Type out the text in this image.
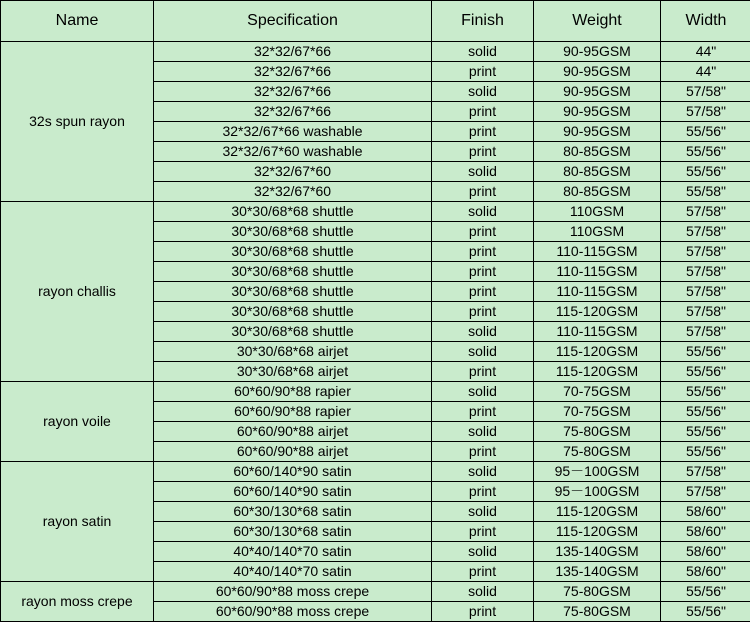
Name	Specification	Finish	Weight	Width
32s spun rayon	32*32/67*66	solid	90-95GSM	44"
	32*32/67*66	print	90-95GSM	44"
	32*32/67*66	solid	90-95GSM	57/58"
	32*32/67*66	print	90-95GSM	57/58"
	32*32/67*66 washable	print	90-95GSM	55/56"
	32*32/67*60 washable	print	80-85GSM	55/56"
	32*32/67*60	solid	80-85GSM	55/56"
	32*32/67*60	print	80-85GSM	55/58"
rayon challis	30*30/68*68 shuttle	solid	110GSM	57/58"
	30*30/68*68 shuttle	print	110GSM	57/58"
	30*30/68*68 shuttle	print	110-115GSM	57/58"
	30*30/68*68 shuttle	print	110-115GSM	57/58"
	30*30/68*68 shuttle	print	110-115GSM	57/58"
	30*30/68*68 shuttle	print	115-120GSM	57/58"
	30*30/68*68 shuttle	solid	110-115GSM	57/58"
	30*30/68*68 airjet	solid	115-120GSM	55/56"
	30*30/68*68 airjet	print	115-120GSM	55/56"
rayon voile	60*60/90*88 rapier	solid	70-75GSM	55/56"
	60*60/90*88 rapier	print	70-75GSM	55/56"
	60*60/90*88 airjet	solid	75-80GSM	55/56"
	60*60/90*88 airjet	print	75-80GSM	55/56"
rayon satin	60*60/140*90 satin	solid	95－100GSM	57/58"
	60*60/140*90 satin	print	95－100GSM	57/58"
	60*30/130*68 satin	solid	115-120GSM	58/60"
	60*30/130*68 satin	print	115-120GSM	58/60"
	40*40/140*70 satin	solid	135-140GSM	58/60"
	40*40/140*70 satin	print	135-140GSM	58/60"
rayon moss crepe	60*60/90*88 moss crepe	solid	75-80GSM	55/56"
	60*60/90*88 moss crepe	print	75-80GSM	55/56"
